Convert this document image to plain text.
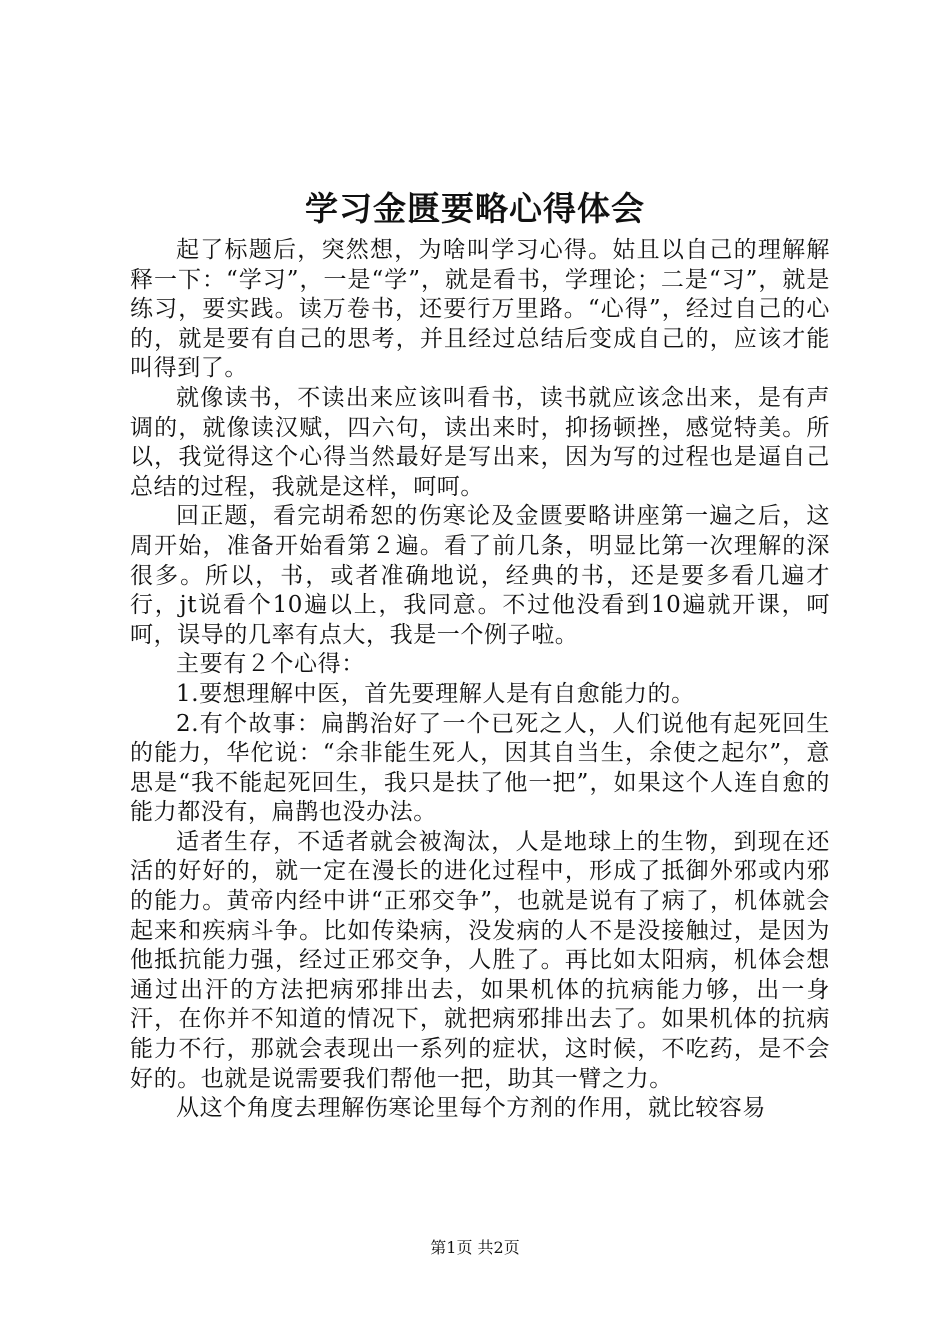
学习金匮要略心得体会

起了标题后，突然想，为啥叫学习心得。姑且以自己的理解解释一下：“学习”，一是“学”，就是看书，学理论；二是“习”，就是练习，要实践。读万卷书，还要行万里路。“心得”，经过自己的心的，就是要有自己的思考，并且经过总结后变成自己的，应该才能叫得到了。

就像读书，不读出来应该叫看书，读书就应该念出来，是有声调的，就像读汉赋，四六句，读出来时，抑扬顿挫，感觉特美。所以，我觉得这个心得当然最好是写出来，因为写的过程也是逼自己总结的过程，我就是这样，呵呵。

回正题，看完胡希恕的伤寒论及金匮要略讲座第一遍之后，这周开始，准备开始看第２遍。看了前几条，明显比第一次理解的深很多。所以，书，或者准确地说，经典的书，还是要多看几遍才行，jt说看个10遍以上，我同意。不过他没看到10遍就开课，呵呵，误导的几率有点大，我是一个例子啦。

主要有２个心得：

1.要想理解中医，首先要理解人是有自愈能力的。

2.有个故事：扁鹊治好了一个已死之人，人们说他有起死回生的能力，华佗说：“余非能生死人，因其自当生，余使之起尔”，意思是“我不能起死回生，我只是扶了他一把”，如果这个人连自愈的能力都没有，扁鹊也没办法。

适者生存，不适者就会被淘汰，人是地球上的生物，到现在还活的好好的，就一定在漫长的进化过程中，形成了抵御外邪或内邪的能力。黄帝内经中讲“正邪交争”，也就是说有了病了，机体就会起来和疾病斗争。比如传染病，没发病的人不是没接触过，是因为他抵抗能力强，经过正邪交争，人胜了。再比如太阳病，机体会想通过出汗的方法把病邪排出去，如果机体的抗病能力够，出一身汗，在你并不知道的情况下，就把病邪排出去了。如果机体的抗病能力不行，那就会表现出一系列的症状，这时候，不吃药，是不会好的。也就是说需要我们帮他一把，助其一臂之力。

从这个角度去理解伤寒论里每个方剂的作用，就比较容易

第1页 共2页
